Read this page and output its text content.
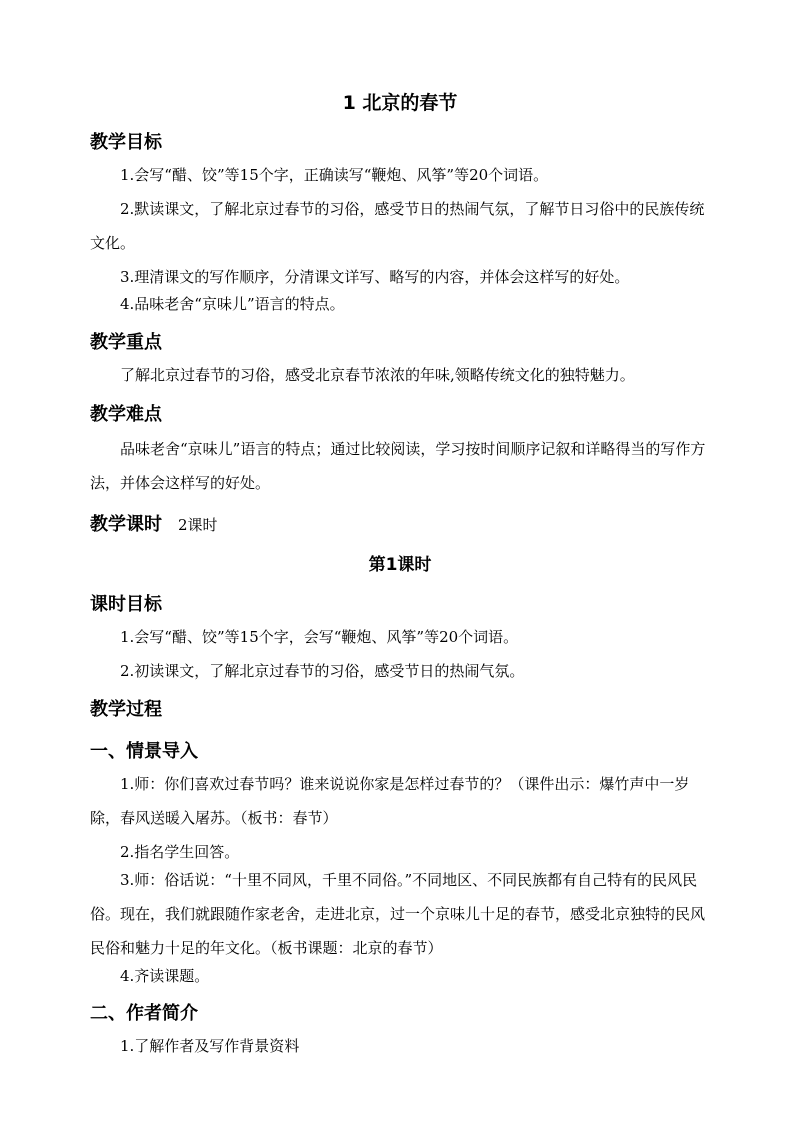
1 北京的春节
教学目标

1.会写“醋、饺”等15个字，正确读写“鞭炮、风筝”等20个词语。

2.默读课文，了解北京过春节的习俗，感受节日的热闹气氛，了解节日习俗中的民族传统文化。

3.理清课文的写作顺序，分清课文详写、略写的内容，并体会这样写的好处。

4.品味老舍“京味儿”语言的特点。

教学重点

了解北京过春节的习俗，感受北京春节浓浓的年味,领略传统文化的独特魅力。

教学难点

品味老舍“京味儿”语言的特点；通过比较阅读，学习按时间顺序记叙和详略得当的写作方法，并体会这样写的好处。

教学课时 2课时
第1课时
课时目标

1.会写“醋、饺”等15个字，会写“鞭炮、风筝”等20个词语。

2.初读课文，了解北京过春节的习俗，感受节日的热闹气氛。

教学过程
一、情景导入

1.师：你们喜欢过春节吗？谁来说说你家是怎样过春节的？（课件出示：爆竹声中一岁除，春风送暖入屠苏。（板书：春节）

2.指名学生回答。

3.师：俗话说：“十里不同风，千里不同俗。”不同地区、不同民族都有自己特有的民风民俗。现在，我们就跟随作家老舍，走进北京，过一个京味儿十足的春节，感受北京独特的民风民俗和魅力十足的年文化。（板书课题：北京的春节）

4.齐读课题。

二、作者简介

1.了解作者及写作背景资料
